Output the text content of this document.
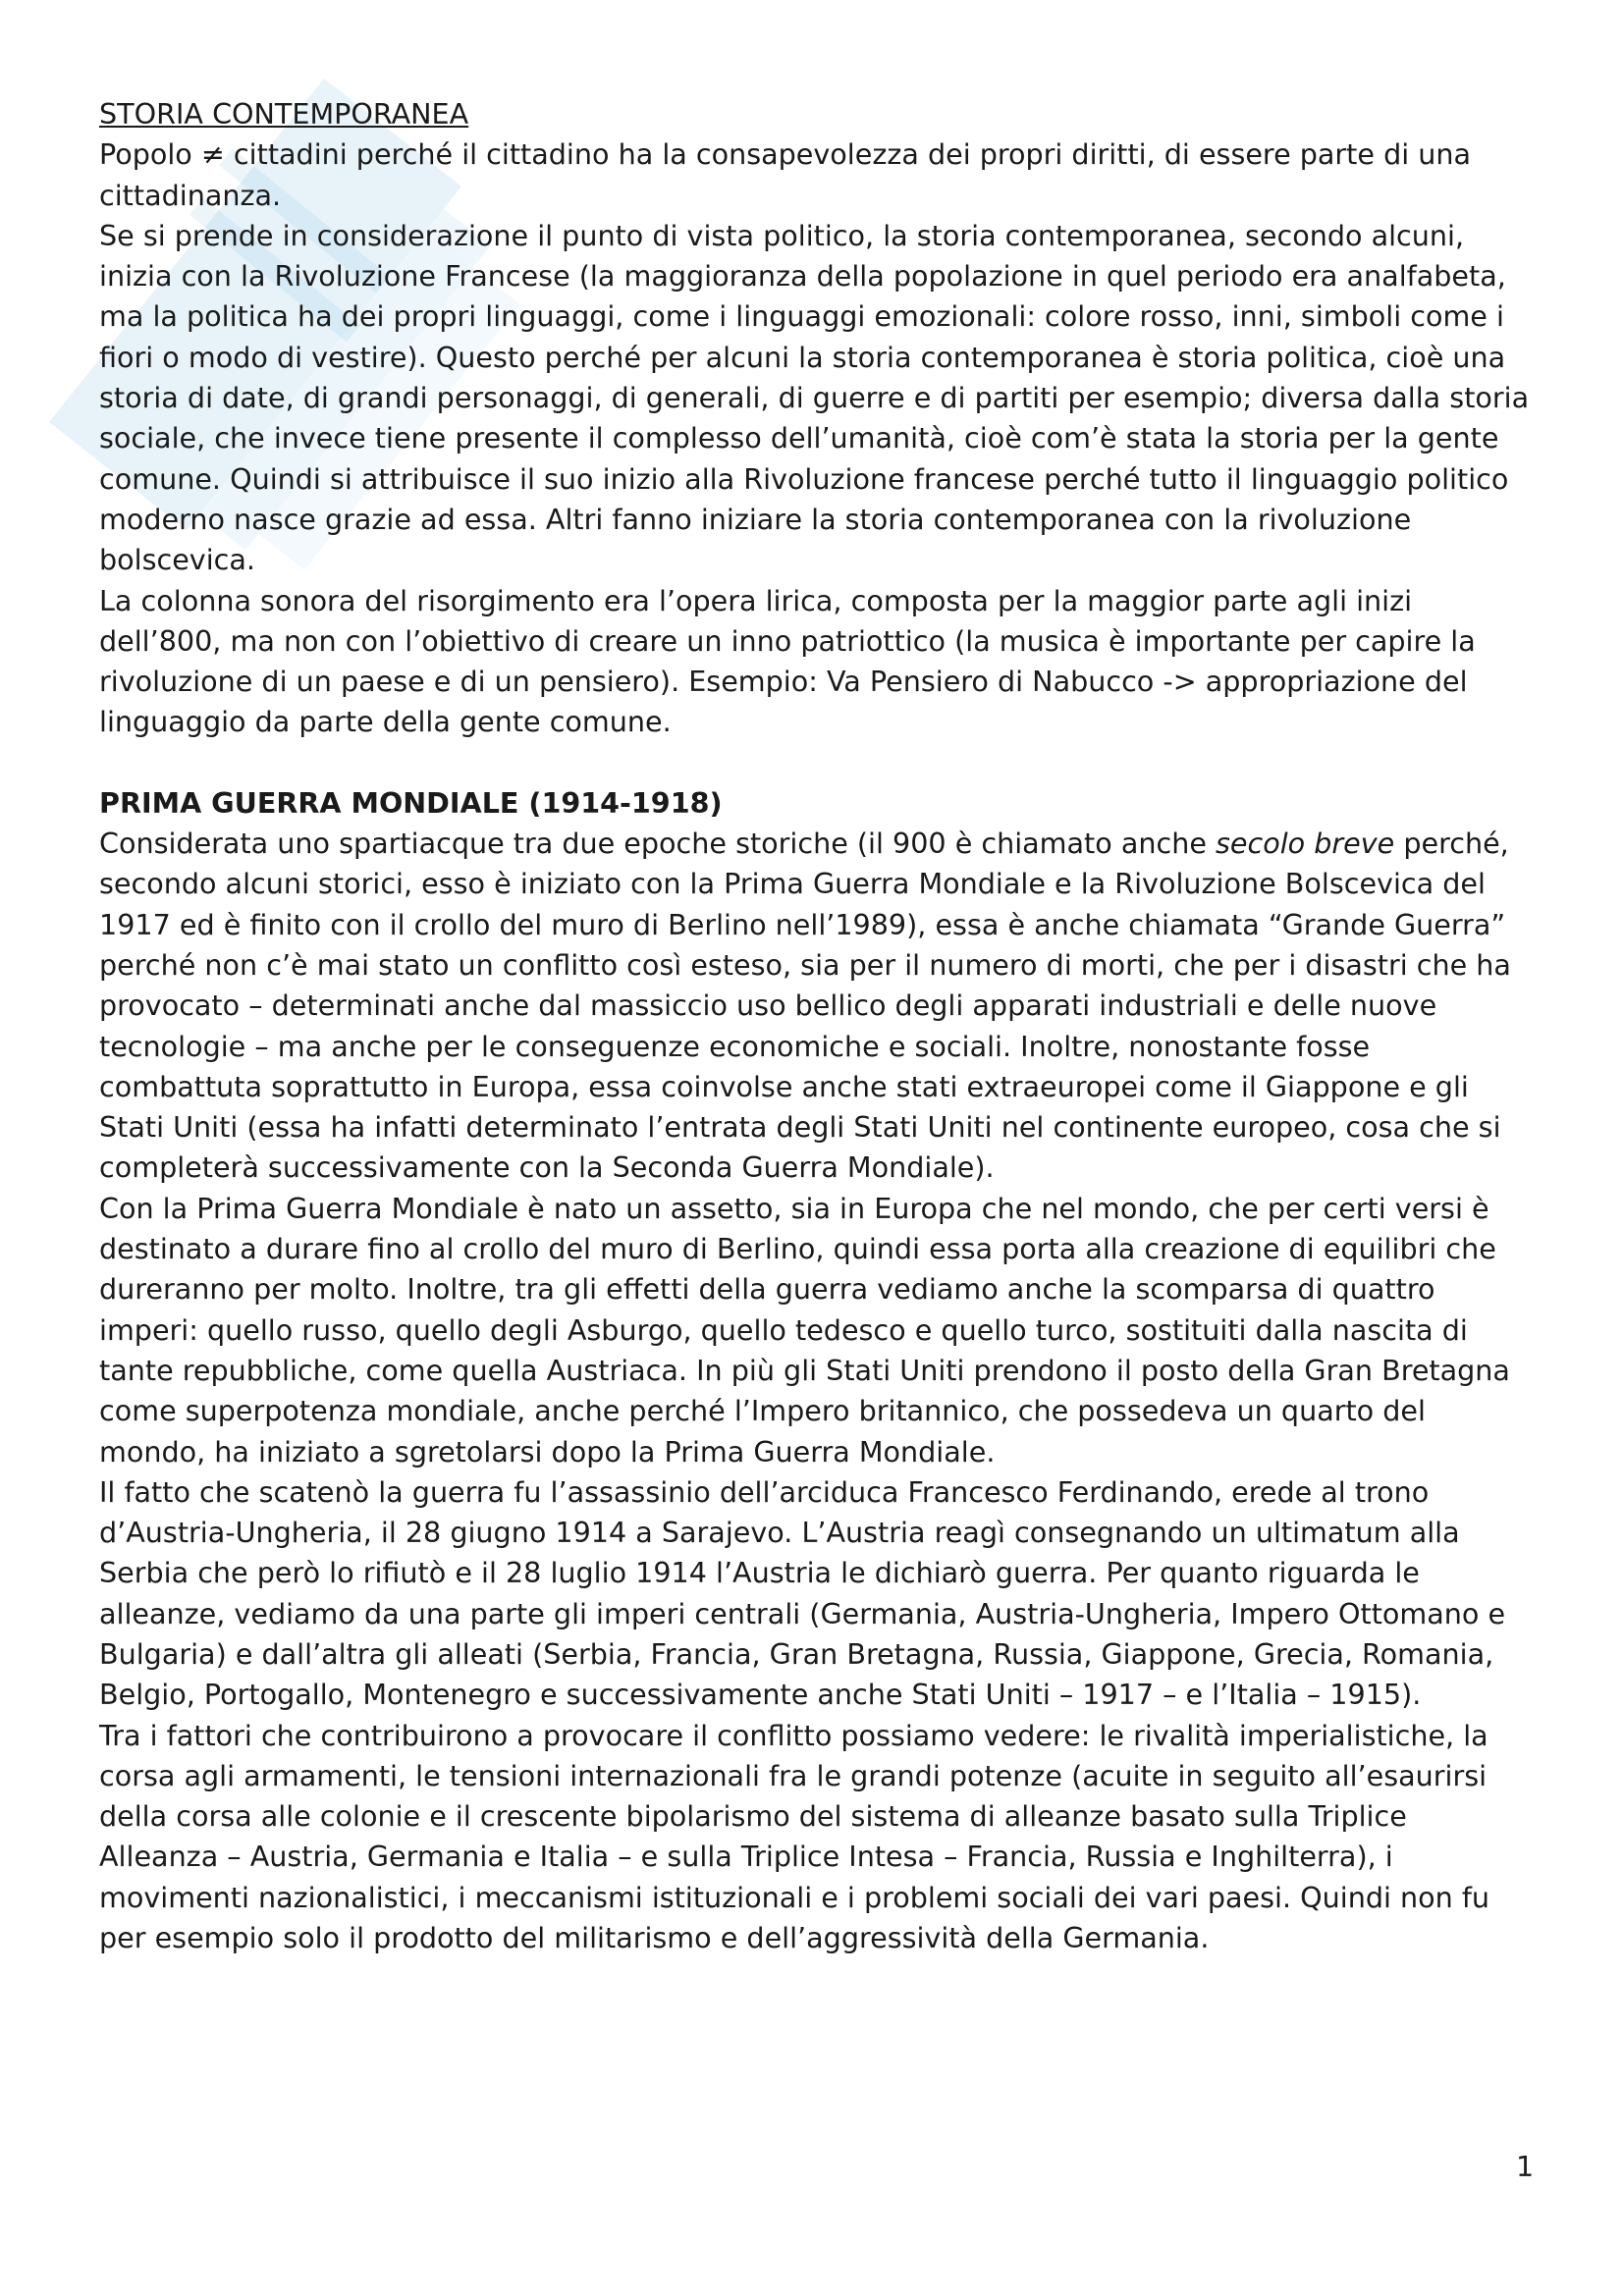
STORIA CONTEMPORANEA

Popolo ≠ cittadini perché il cittadino ha la consapevolezza dei propri diritti, di essere parte di una cittadinanza.

Se si prende in considerazione il punto di vista politico, la storia contemporanea, secondo alcuni, inizia con la Rivoluzione Francese (la maggioranza della popolazione in quel periodo era analfabeta, ma la politica ha dei propri linguaggi, come i linguaggi emozionali: colore rosso, inni, simboli come i fiori o modo di vestire). Questo perché per alcuni la storia contemporanea è storia politica, cioè una storia di date, di grandi personaggi, di generali, di guerre e di partiti per esempio; diversa dalla storia sociale, che invece tiene presente il complesso dell’umanità, cioè com’è stata la storia per la gente comune. Quindi si attribuisce il suo inizio alla Rivoluzione francese perché tutto il linguaggio politico moderno nasce grazie ad essa. Altri fanno iniziare la storia contemporanea con la rivoluzione bolscevica.

La colonna sonora del risorgimento era l’opera lirica, composta per la maggior parte agli inizi dell’800, ma non con l’obiettivo di creare un inno patriottico (la musica è importante per capire la rivoluzione di un paese e di un pensiero). Esempio: Va Pensiero di Nabucco -> appropriazione del linguaggio da parte della gente comune.

PRIMA GUERRA MONDIALE (1914-1918)

Considerata uno spartiacque tra due epoche storiche (il 900 è chiamato anche secolo breve perché, secondo alcuni storici, esso è iniziato con la Prima Guerra Mondiale e la Rivoluzione Bolscevica del 1917 ed è finito con il crollo del muro di Berlino nell’1989), essa è anche chiamata “Grande Guerra” perché non c’è mai stato un conflitto così esteso, sia per il numero di morti, che per i disastri che ha provocato – determinati anche dal massiccio uso bellico degli apparati industriali e delle nuove tecnologie – ma anche per le conseguenze economiche e sociali. Inoltre, nonostante fosse combattuta soprattutto in Europa, essa coinvolse anche stati extraeuropei come il Giappone e gli Stati Uniti (essa ha infatti determinato l’entrata degli Stati Uniti nel continente europeo, cosa che si completerà successivamente con la Seconda Guerra Mondiale).

Con la Prima Guerra Mondiale è nato un assetto, sia in Europa che nel mondo, che per certi versi è destinato a durare fino al crollo del muro di Berlino, quindi essa porta alla creazione di equilibri che dureranno per molto. Inoltre, tra gli effetti della guerra vediamo anche la scomparsa di quattro imperi: quello russo, quello degli Asburgo, quello tedesco e quello turco, sostituiti dalla nascita di tante repubbliche, come quella Austriaca. In più gli Stati Uniti prendono il posto della Gran Bretagna come superpotenza mondiale, anche perché l’Impero britannico, che possedeva un quarto del mondo, ha iniziato a sgretolarsi dopo la Prima Guerra Mondiale.

Il fatto che scatenò la guerra fu l’assassinio dell’arciduca Francesco Ferdinando, erede al trono d’Austria-Ungheria, il 28 giugno 1914 a Sarajevo. L’Austria reagì consegnando un ultimatum alla Serbia che però lo rifiutò e il 28 luglio 1914 l’Austria le dichiarò guerra. Per quanto riguarda le alleanze, vediamo da una parte gli imperi centrali (Germania, Austria-Ungheria, Impero Ottomano e Bulgaria) e dall’altra gli alleati (Serbia, Francia, Gran Bretagna, Russia, Giappone, Grecia, Romania, Belgio, Portogallo, Montenegro e successivamente anche Stati Uniti – 1917 – e l’Italia – 1915).

Tra i fattori che contribuirono a provocare il conflitto possiamo vedere: le rivalità imperialistiche, la corsa agli armamenti, le tensioni internazionali fra le grandi potenze (acuite in seguito all’esaurirsi della corsa alle colonie e il crescente bipolarismo del sistema di alleanze basato sulla Triplice Alleanza – Austria, Germania e Italia – e sulla Triplice Intesa – Francia, Russia e Inghilterra), i movimenti nazionalistici, i meccanismi istituzionali e i problemi sociali dei vari paesi. Quindi non fu per esempio solo il prodotto del militarismo e dell’aggressività della Germania.

1
